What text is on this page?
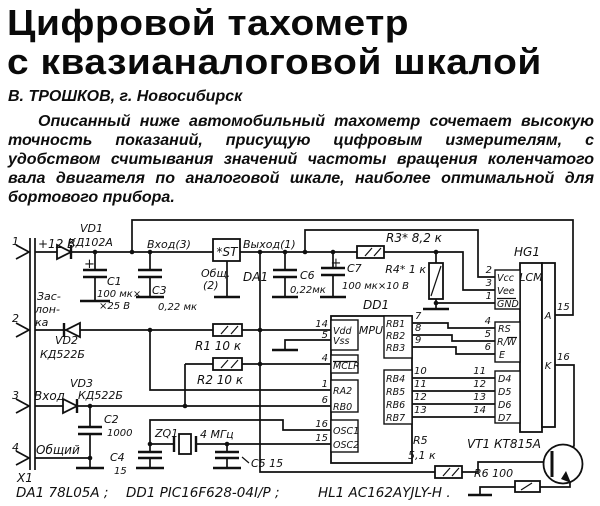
Цифровой тахометр
с квазианалоговой шкалой
В. ТРОШКОВ, г. Новосибирск

Описанный ниже автомобильный тахометр сочетает высокую точность показаний, присущую цифровым измерителям, с удобством считывания значений частоты вращения коленчатого вала двигателя по аналоговой шкале, наиболее оптимальной для бортового прибора.

1 +12 В
2
Зас-
лон-
ка
3 Вход
4 Общий
X1
VD1
КД102А
VD2
КД522Б
VD3
КД522Б
+
C1
100 мк×
×25 В
C3
0,22 мк
Вход(3)
*ST
Выход(1)
Общ.
(2)
DA1	C6
0,22мк
+ C7
100 мк×10 В
R1 10 к
R2 10 к
R3* 8,2 к
R4* 1 к
R5
5,1 к
R6 100
C2
1000 ZQ1 4 МГц
C4
15
C5 15
DD1
MPU
Vdd
Vss
MCLR
RA2
RB0
OSC1
OSC2
RB1
RB2
RB3
RB4
RB5
RB6
RB7
14
5
4
1
6
16
15
7
8
9
10
11
12
13
HG1
LCM
Vcc
Vee
GND
RS
R/W
E
D4
D5
D6
D7
2
3
1
4
5
6
11
12
13
14
A
15
K
16
VT1 КТ815А
DA1 78L05A ; DD1 PIC16F628-04I/P ;	HL1 AC162AYJLY-H .
